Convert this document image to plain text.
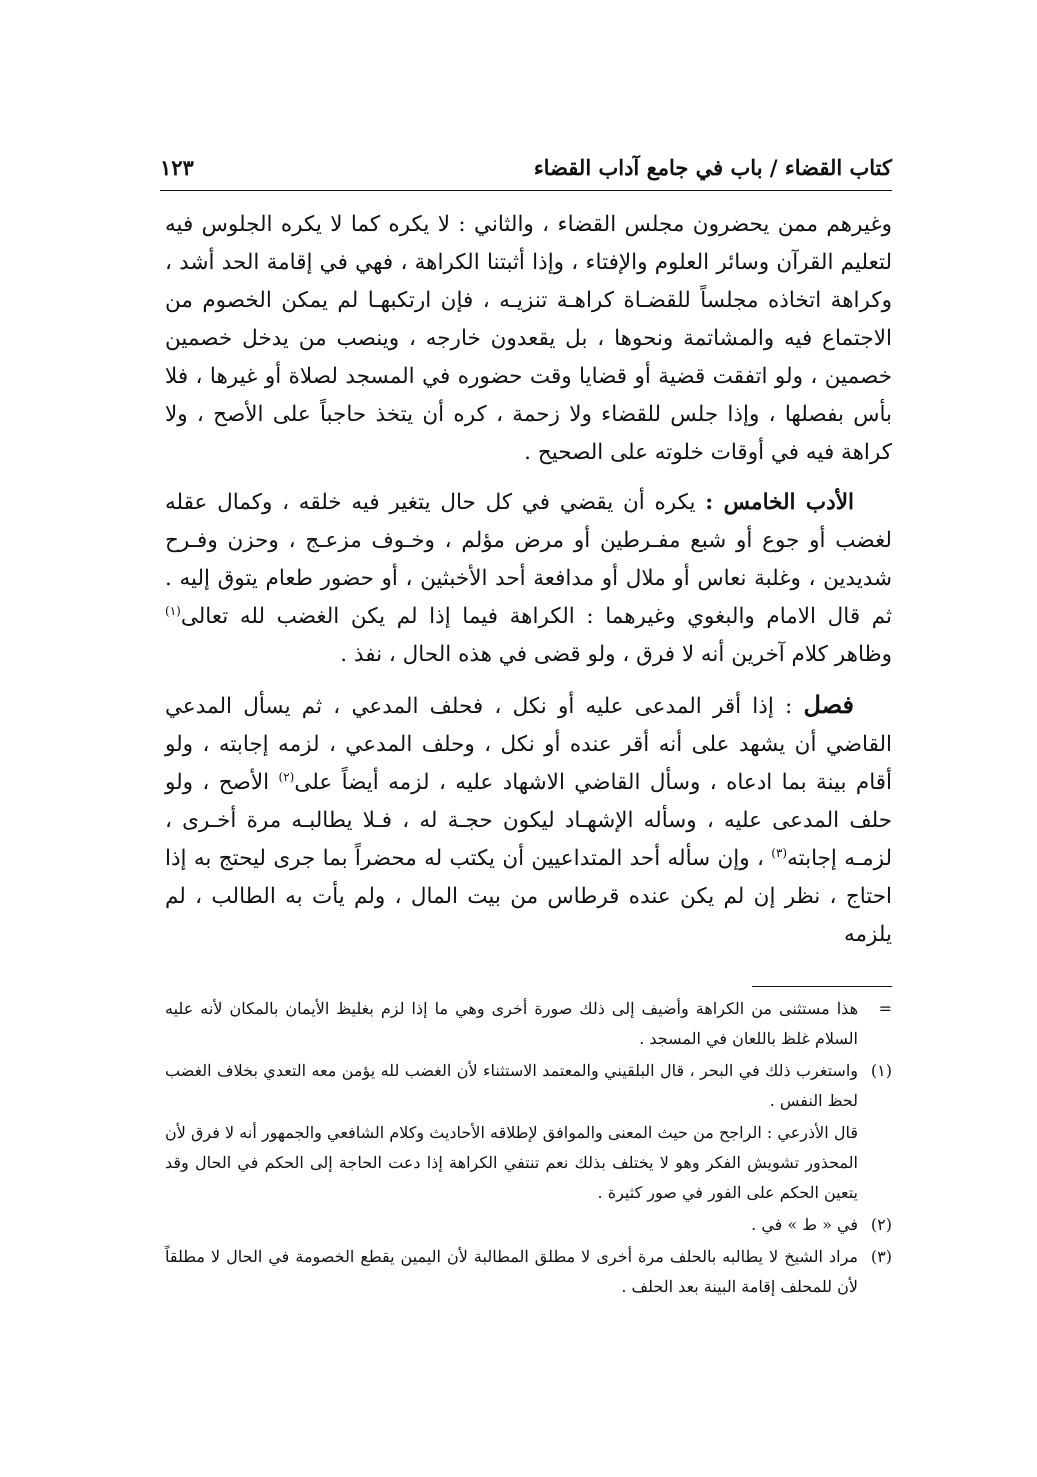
كتاب القضاء / باب في جامع آداب القضاء
١٢٣

وغيرهم ممن يحضرون مجلس القضاء ، والثاني : لا يكره كما لا يكره الجلوس فيه لتعليم القرآن وسائر العلوم والإفتاء ، وإذا أثبتنا الكراهة ، فهي في إقامة الحد أشد ، وكراهة اتخاذه مجلساً للقضـاة كراهـة تنزيـه ، فإن ارتكبهـا لم يمكن الخصوم من الاجتماع فيه والمشاتمة ونحوها ، بل يقعدون خارجه ، وينصب من يدخل خصمين خصمين ، ولو اتفقت قضية أو قضايا وقت حضوره في المسجد لصلاة أو غيرها ، فلا بأس بفصلها ، وإذا جلس للقضاء ولا زحمة ، كره أن يتخذ حاجباً على الأصح ، ولا كراهة فيه في أوقات خلوته على الصحيح .

الأدب الخامس : يكره أن يقضي في كل حال يتغير فيه خلقه ، وكمال عقله لغضب أو جوع أو شبع مفـرطين أو مرض مؤلم ، وخـوف مزعـج ، وحزن وفـرح شديدين ، وغلبة نعاس أو ملال أو مدافعة أحد الأخبثين ، أو حضور طعام يتوق إليه . ثم قال الامام والبغوي وغيرهما : الكراهة فيما إذا لم يكن الغضب لله تعالى$^{(١)}$ وظاهر كلام آخرين أنه لا فرق ، ولو قضى في هذه الحال ، نفذ .

فصل : إذا أقر المدعى عليه أو نكل ، فحلف المدعي ، ثم يسأل المدعي القاضي أن يشهد على أنه أقر عنده أو نكل ، وحلف المدعي ، لزمه إجابته ، ولو أقام بينة بما ادعاه ، وسأل القاضي الاشهاد عليه ، لزمه أيضاً على$^{(٢)}$ الأصح ، ولو حلف المدعى عليه ، وسأله الإشهـاد ليكون حجـة له ، فـلا يطالبـه مرة أخـرى ، لزمـه إجابته$^{(٣)}$ ، وإن سأله أحد المتداعيين أن يكتب له محضراً بما جرى ليحتج به إذا احتاج ، نظر إن لم يكن عنده قرطاس من بيت المال ، ولم يأت به الطالب ، لم يلزمه

=
هذا مستثنى من الكراهة وأضيف إلى ذلك صورة أخرى وهي ما إذا لزم بغليظ الأيمان بالمكان لأنه عليه السلام غلظ باللعان في المسجد .
(١)
واستغرب ذلك في البحر ، قال البلقيني والمعتمد الاستثناء لأن الغضب لله يؤمن معه التعدي بخلاف الغضب لحظ النفس .
قال الأذرعي : الراجح من حيث المعنى والموافق لإطلاقه الأحاديث وكلام الشافعي والجمهور أنه لا فرق لأن المحذور تشويش الفكر وهو لا يختلف بذلك نعم تنتفي الكراهة إذا دعت الحاجة إلى الحكم في الحال وقد يتعين الحكم على الفور في صور كثيرة .
(٢)
في « ط » في .
(٣)
مراد الشيخ لا يطالبه بالحلف مرة أخرى لا مطلق المطالبة لأن اليمين يقطع الخصومة في الحال لا مطلقاً لأن للمحلف إقامة البينة بعد الحلف .
